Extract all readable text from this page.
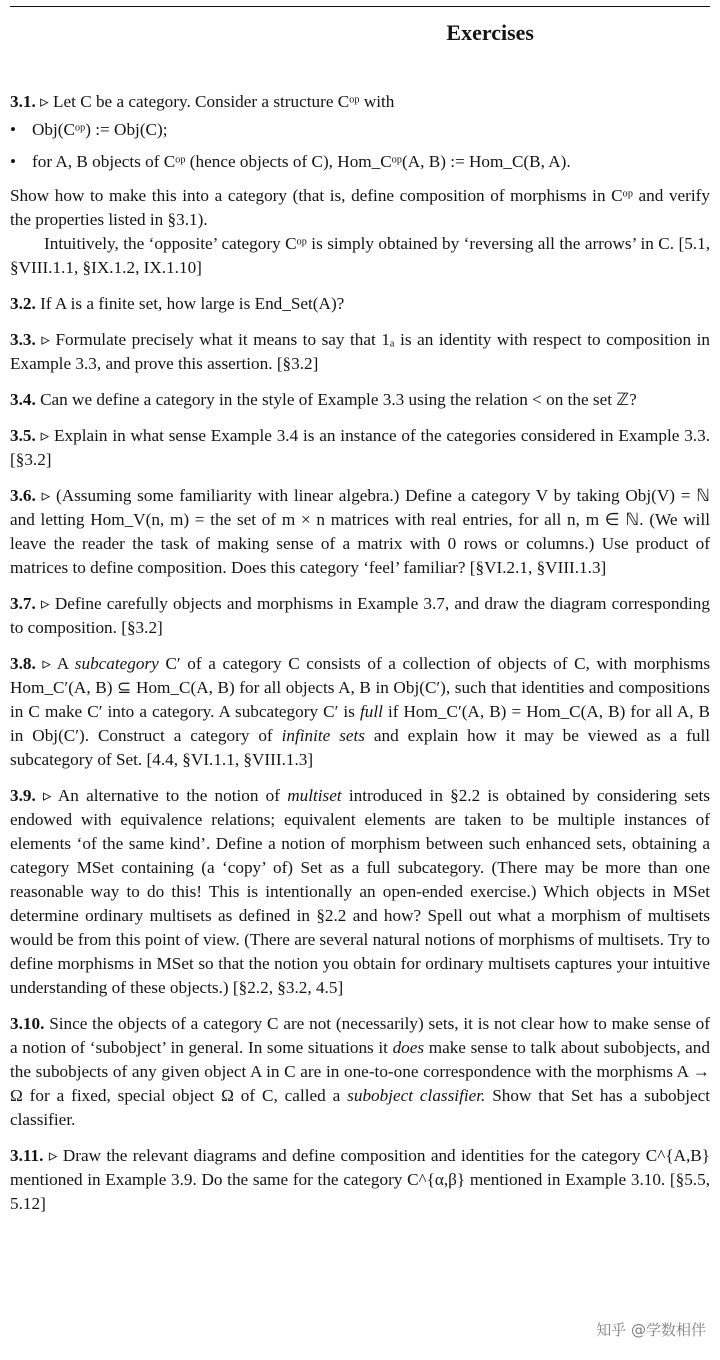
Exercises

3.1. ▹ Let C be a category. Consider a structure Cᵒᵖ with

• Obj(Cᵒᵖ) := Obj(C);
• for A, B objects of Cᵒᵖ (hence objects of C), Hom_Cᵒᵖ(A, B) := Hom_C(B, A).

Show how to make this into a category (that is, define composition of morphisms in Cᵒᵖ and verify the properties listed in §3.1).

Intuitively, the ‘opposite’ category Cᵒᵖ is simply obtained by ‘reversing all the arrows’ in C. [5.1, §VIII.1.1, §IX.1.2, IX.1.10]

3.2. If A is a finite set, how large is End_Set(A)?

3.3. ▹ Formulate precisely what it means to say that 1ₐ is an identity with respect to composition in Example 3.3, and prove this assertion. [§3.2]

3.4. Can we define a category in the style of Example 3.3 using the relation < on the set ℤ?

3.5. ▹ Explain in what sense Example 3.4 is an instance of the categories considered in Example 3.3. [§3.2]

3.6. ▹ (Assuming some familiarity with linear algebra.) Define a category V by taking Obj(V) = ℕ and letting Hom_V(n, m) = the set of m × n matrices with real entries, for all n, m ∈ ℕ. (We will leave the reader the task of making sense of a matrix with 0 rows or columns.) Use product of matrices to define composition. Does this category ‘feel’ familiar? [§VI.2.1, §VIII.1.3]

3.7. ▹ Define carefully objects and morphisms in Example 3.7, and draw the diagram corresponding to composition. [§3.2]

3.8. ▹ A subcategory C′ of a category C consists of a collection of objects of C, with morphisms Hom_C′(A, B) ⊆ Hom_C(A, B) for all objects A, B in Obj(C′), such that identities and compositions in C make C′ into a category. A subcategory C′ is full if Hom_C′(A, B) = Hom_C(A, B) for all A, B in Obj(C′). Construct a category of infinite sets and explain how it may be viewed as a full subcategory of Set. [4.4, §VI.1.1, §VIII.1.3]

3.9. ▹ An alternative to the notion of multiset introduced in §2.2 is obtained by considering sets endowed with equivalence relations; equivalent elements are taken to be multiple instances of elements ‘of the same kind’. Define a notion of morphism between such enhanced sets, obtaining a category MSet containing (a ‘copy’ of) Set as a full subcategory. (There may be more than one reasonable way to do this! This is intentionally an open-ended exercise.) Which objects in MSet determine ordinary multisets as defined in §2.2 and how? Spell out what a morphism of multisets would be from this point of view. (There are several natural notions of morphisms of multisets. Try to define morphisms in MSet so that the notion you obtain for ordinary multisets captures your intuitive understanding of these objects.) [§2.2, §3.2, 4.5]

3.10. Since the objects of a category C are not (necessarily) sets, it is not clear how to make sense of a notion of ‘subobject’ in general. In some situations it does make sense to talk about subobjects, and the subobjects of any given object A in C are in one-to-one correspondence with the morphisms A → Ω for a fixed, special object Ω of C, called a subobject classifier. Show that Set has a subobject classifier.

3.11. ▹ Draw the relevant diagrams and define composition and identities for the category C^{A,B} mentioned in Example 3.9. Do the same for the category C^{α,β} mentioned in Example 3.10. [§5.5, 5.12]

知乎 @学数相伴
